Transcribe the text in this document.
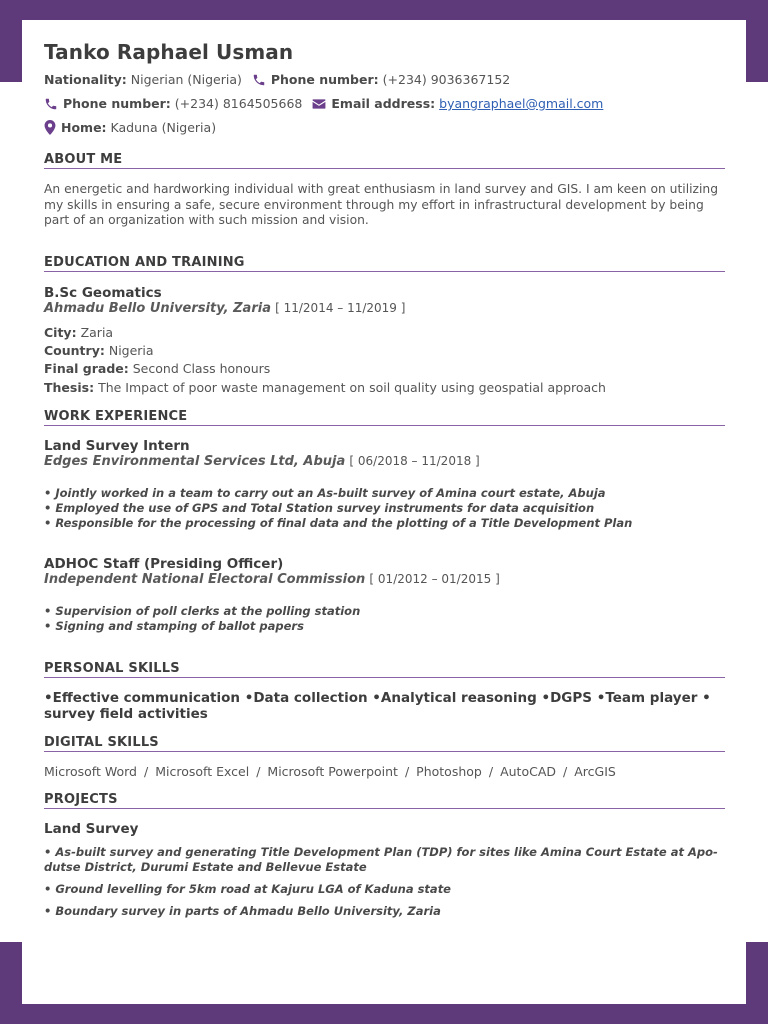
Tanko Raphael Usman
Nationality:
Nigerian (Nigeria) Phone number:
(+234) 9036367152
Phone number:
(+234) 8164505668 Email address:
byangraphael@gmail.com
Home:
Kaduna (Nigeria)
ABOUT ME
An energetic and hardworking individual with great enthusiasm in land survey and GIS. I am keen on utilizing my skills in ensuring a safe, secure environment through my effort in infrastructural development by being part of an organization with such mission and vision.
EDUCATION AND TRAINING
B.Sc Geomatics
Ahmadu Bello University, Zaria [ 11/2014 – 11/2019 ]
City: Zaria
Country: Nigeria
Final grade: Second Class honours
Thesis: The Impact of poor waste management on soil quality using geospatial approach
WORK EXPERIENCE
Land Survey Intern
Edges Environmental Services Ltd, Abuja [ 06/2018 – 11/2018 ]
• Jointly worked in a team to carry out an As-built survey of Amina court estate, Abuja
• Employed the use of GPS and Total Station survey instruments for data acquisition
• Responsible for the processing of final data and the plotting of a Title Development Plan
ADHOC Staff (Presiding Officer)
Independent National Electoral Commission [ 01/2012 – 01/2015 ]
• Supervision of poll clerks at the polling station
• Signing and stamping of ballot papers
PERSONAL SKILLS
•Effective communication •Data collection •Analytical reasoning •DGPS •Team player • survey field activities
DIGITAL SKILLS
Microsoft Word / Microsoft Excel / Microsoft Powerpoint / Photoshop / AutoCAD / ArcGIS
PROJECTS
Land Survey
• As-built survey and generating Title Development Plan (TDP) for sites like Amina Court Estate at Apo- dutse District, Durumi Estate and Bellevue Estate
• Ground levelling for 5km road at Kajuru LGA of Kaduna state
• Boundary survey in parts of Ahmadu Bello University, Zaria
